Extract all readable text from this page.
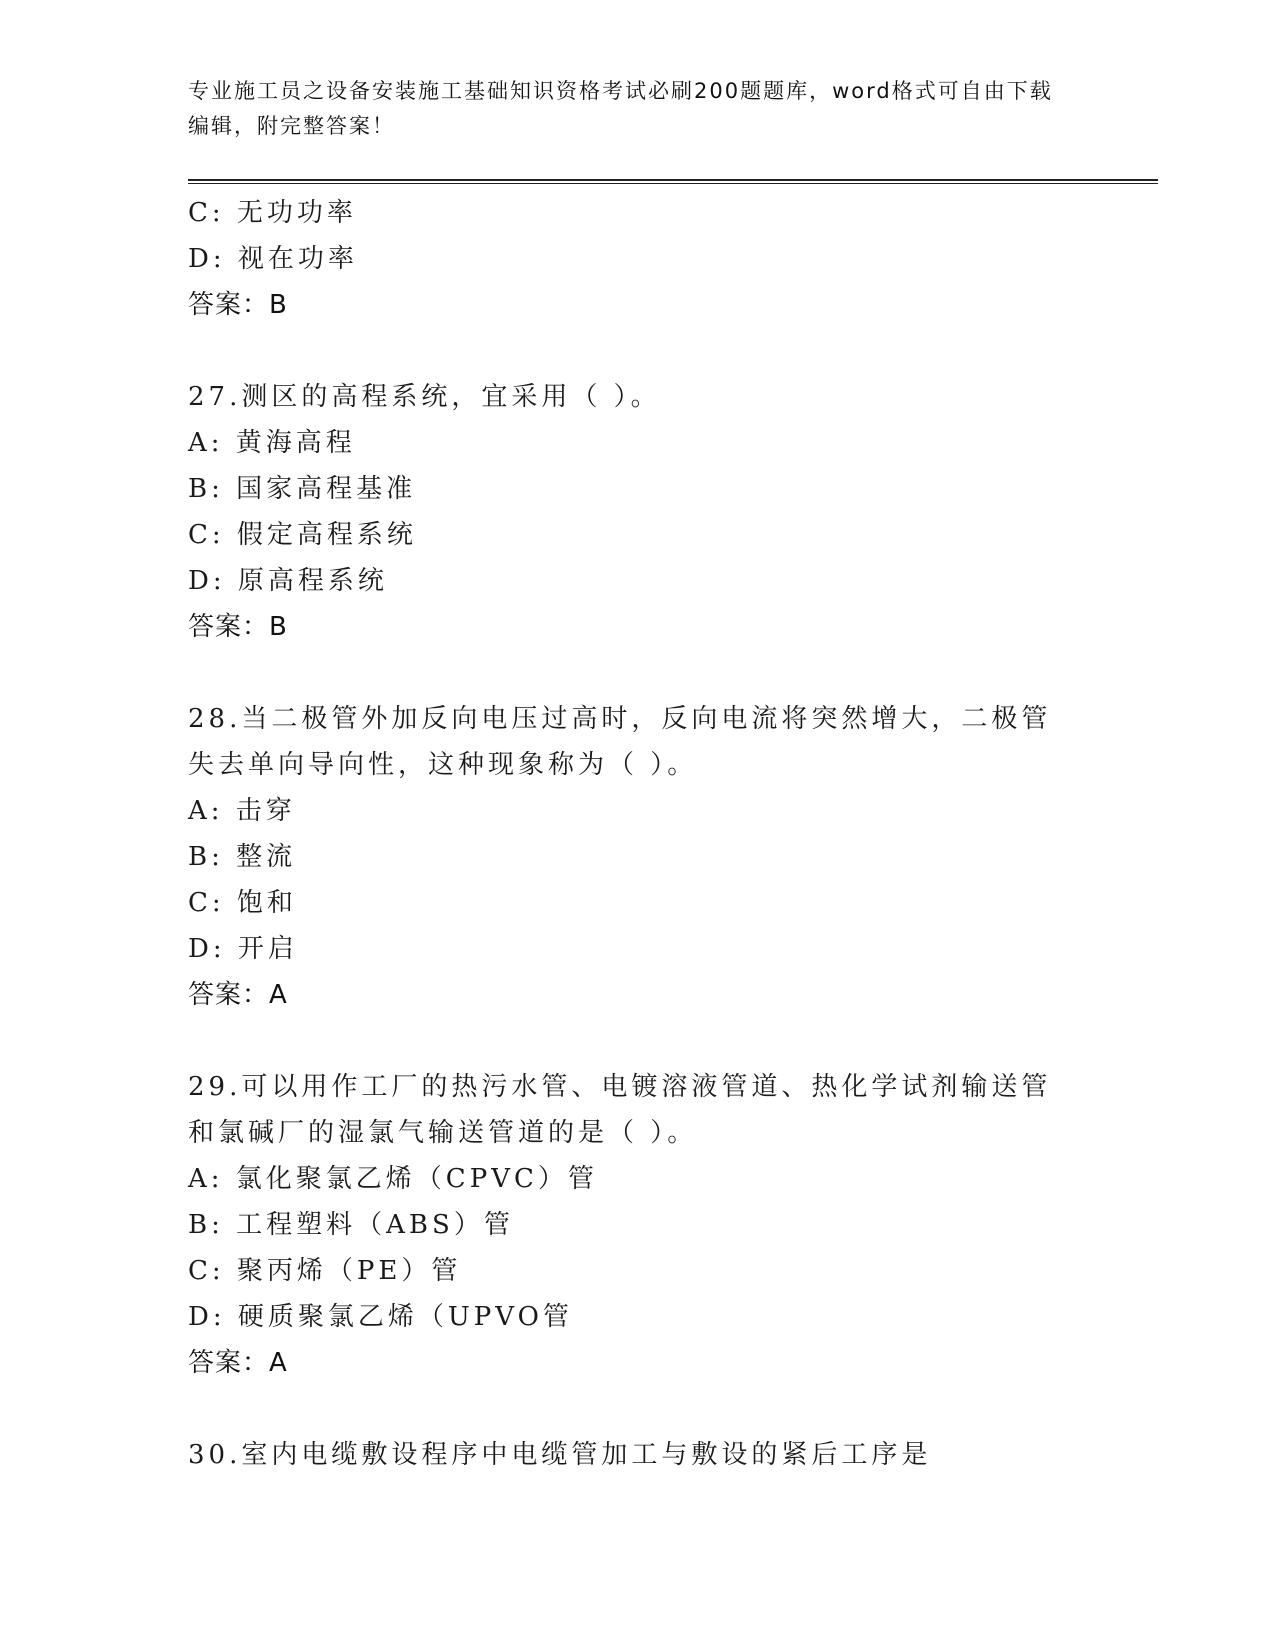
专业施工员之设备安装施工基础知识资格考试必刷200题题库，word格式可自由下载编辑，附完整答案！
C: 无功功率
D: 视在功率
答案：B
27.测区的高程系统，宜采用（ ）。
A: 黄海高程
B: 国家高程基准
C: 假定高程系统
D: 原高程系统
答案：B
28.当二极管外加反向电压过高时，反向电流将突然增大，二极管失去单向导向性，这种现象称为（ ）。
A: 击穿
B: 整流
C: 饱和
D: 开启
答案：A
29.可以用作工厂的热污水管、电镀溶液管道、热化学试剂输送管和氯碱厂的湿氯气输送管道的是（ ）。
A: 氯化聚氯乙烯（CPVC）管
B: 工程塑料（ABS）管
C: 聚丙烯（PE）管
D: 硬质聚氯乙烯（UPVO管
答案：A
30.室内电缆敷设程序中电缆管加工与敷设的紧后工序是
